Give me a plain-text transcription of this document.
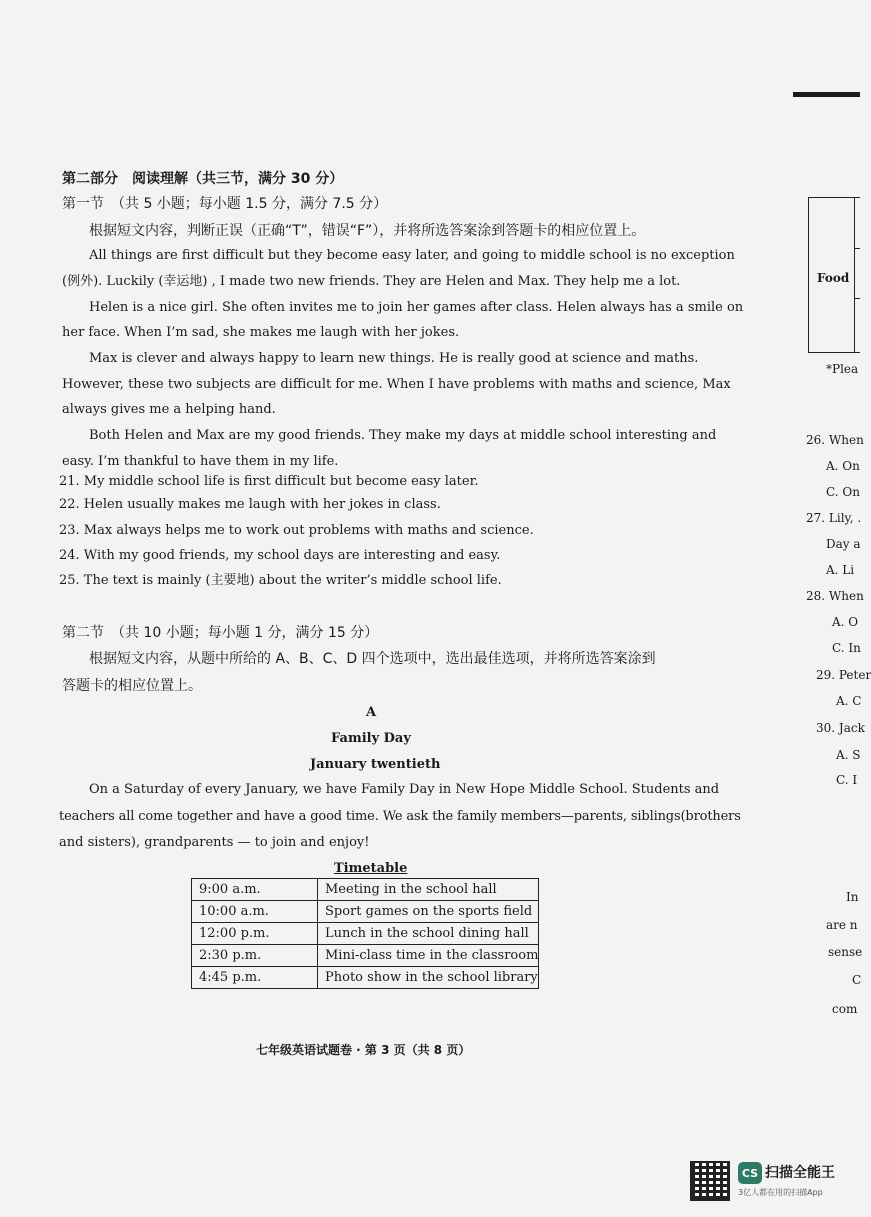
第二部分　阅读理解（共三节，满分 30 分）
第一节　（共 5 小题；每小题 1.5 分，满分 7.5 分）
根据短文内容，判断正误（正确“T”，错误“F”），并将所选答案涂到答题卡的相应位置上。
All things are first difficult but they become easy later, and going to middle school is no exception
(例外). Luckily (幸运地) , I made two new friends. They are Helen and Max. They help me a lot.
Helen is a nice girl. She often invites me to join her games after class. Helen always has a smile on
her face. When I’m sad, she makes me laugh with her jokes.
Max is clever and always happy to learn new things. He is really good at science and maths.
However, these two subjects are difficult for me. When I have problems with maths and science, Max
always gives me a helping hand.
Both Helen and Max are my good friends. They make my days at middle school interesting and
easy. I’m thankful to have them in my life.
21. My middle school life is first difficult but become easy later.
22. Helen usually makes me laugh with her jokes in class.
23. Max always helps me to work out problems with maths and science.
24. With my good friends, my school days are interesting and easy.
25. The text is mainly (主要地) about the writer’s middle school life.
第二节　（共 10 小题；每小题 1 分，满分 15 分）
根据短文内容，从题中所给的 A、B、C、D 四个选项中，选出最佳选项，并将所选答案涂到
答题卡的相应位置上。
A
Family Day
January twentieth
On a Saturday of every January, we have Family Day in New Hope Middle School. Students and
teachers all come together and have a good time. We ask the family members—parents, siblings(brothers
and sisters), grandparents — to join and enjoy!
Timetable
9:00 a.m.	Meeting in the school hall
10:00 a.m.	Sport games on the sports field
12:00 p.m.	Lunch in the school dining hall
2:30 p.m.	Mini-class time in the classroom
4:45 p.m.	Photo show in the school library
七年级英语试题卷 · 第 3 页（共 8 页）
Food
*Plea
26. When
A. On
C. On
27. Lily, .
Day a
A. Li
28. When
A. O
C. In
29. Peter
A. C
30. Jack
A. S
C. I
In
are n
sense
C
com
CS 扫描全能王
3亿人都在用的扫描App
